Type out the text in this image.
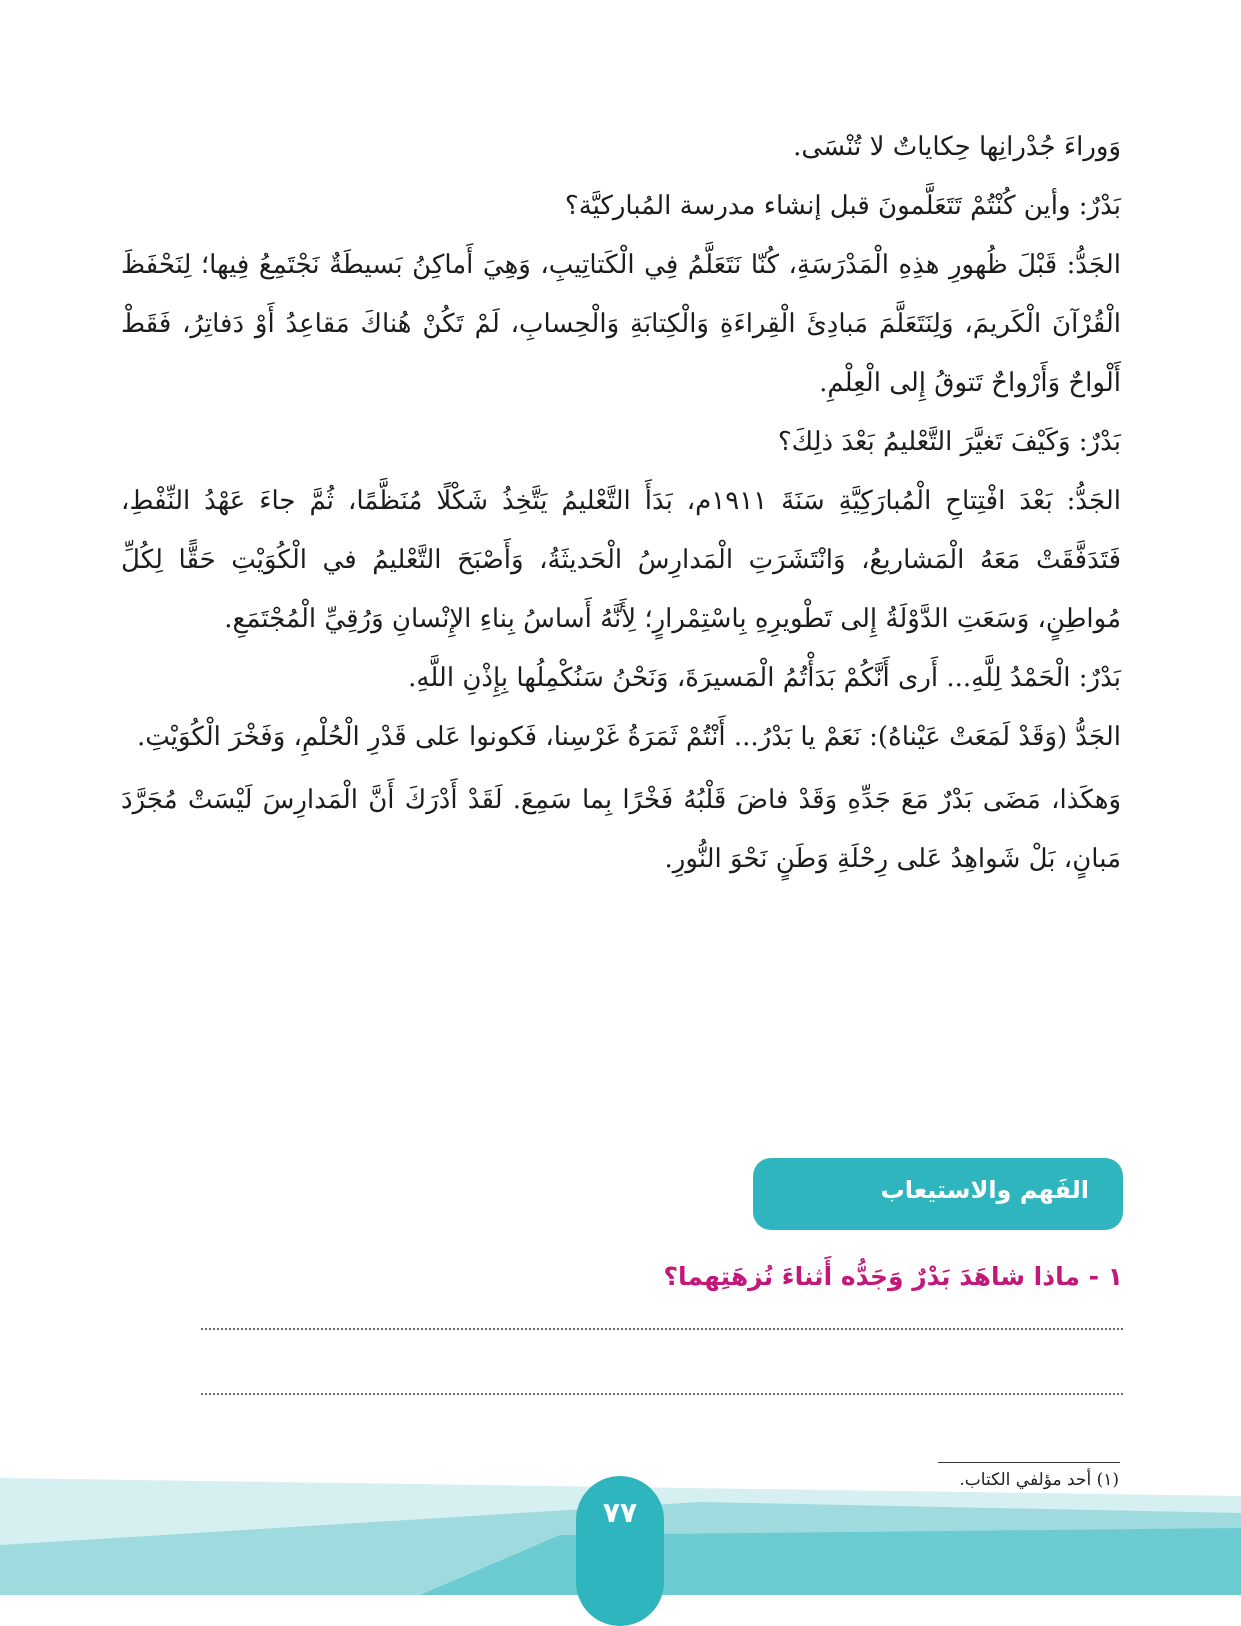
وَوراءَ جُدْرانِها حِكاياتٌ لا تُنْسَى.

بَدْرٌ: وأين كُنْتُمْ تَتَعَلَّمونَ قبل إنشاء مدرسة المُباركيَّة؟

الجَدُّ: قَبْلَ ظُهورِ هذِهِ الْمَدْرَسَةِ، كُنّا نَتَعَلَّمُ فِي الْكَتاتِيبِ، وَهِيَ أَماكِنُ بَسيطَةٌ نَجْتَمِعُ فِيها؛ لِنَحْفَظَ الْقُرْآنَ الْكَريمَ، وَلِنَتَعَلَّمَ مَبادِئَ الْقِراءَةِ وَالْكِتابَةِ وَالْحِسابِ، لَمْ تَكُنْ هُناكَ مَقاعِدُ أَوْ دَفاتِرُ، فَقَطْ أَلْواحٌ وَأَرْواحٌ تَتوقُ إِلى الْعِلْمِ.

بَدْرٌ: وَكَيْفَ تَغيَّرَ التَّعْليمُ بَعْدَ ذلِكَ؟

الجَدُّ: بَعْدَ افْتِتاحِ الْمُبارَكِيَّةِ سَنَةَ ١٩١١م، بَدَأَ التَّعْليمُ يَتَّخِذُ شَكْلًا مُنَظَّمًا، ثُمَّ جاءَ عَهْدُ النِّفْطِ، فَتَدَفَّقَتْ مَعَهُ الْمَشاريعُ، وَانْتَشَرَتِ الْمَدارِسُ الْحَديثَةُ، وَأَصْبَحَ التَّعْليمُ في الْكُوَيْتِ حَقًّا لِكُلِّ مُواطِنٍ، وَسَعَتِ الدَّوْلَةُ إِلى تَطْويرِهِ بِاسْتِمْرارٍ؛ لِأَنَّهُ أَساسُ بِناءِ الإِنْسانِ وَرُقِيِّ الْمُجْتَمَعِ.

بَدْرٌ: الْحَمْدُ لِلَّهِ... أَرى أَنَّكُمْ بَدَأْتُمُ الْمَسيرَةَ، وَنَحْنُ سَنُكْمِلُها بِإِذْنِ اللَّهِ.

الجَدُّ (وَقَدْ لَمَعَتْ عَيْناهُ): نَعَمْ يا بَدْرُ... أَنْتُمْ ثَمَرَةُ غَرْسِنا، فَكونوا عَلى قَدْرِ الْحُلْمِ، وَفَخْرَ الْكُوَيْتِ.

وَهكَذا، مَضَى بَدْرٌ مَعَ جَدِّهِ وَقَدْ فاضَ قَلْبُهُ فَخْرًا بِما سَمِعَ. لَقَدْ أَدْرَكَ أَنَّ الْمَدارِسَ لَيْسَتْ مُجَرَّدَ مَبانٍ، بَلْ شَواهِدُ عَلى رِحْلَةِ وَطَنٍ نَحْوَ النُّورِ.

الفَهم والاستيعاب
١ - ماذا شاهَدَ بَدْرٌ وَجَدُّه أَثناءَ نُزهَتِهما؟
(١) أحد مؤلفي الكتاب.
٧٧
